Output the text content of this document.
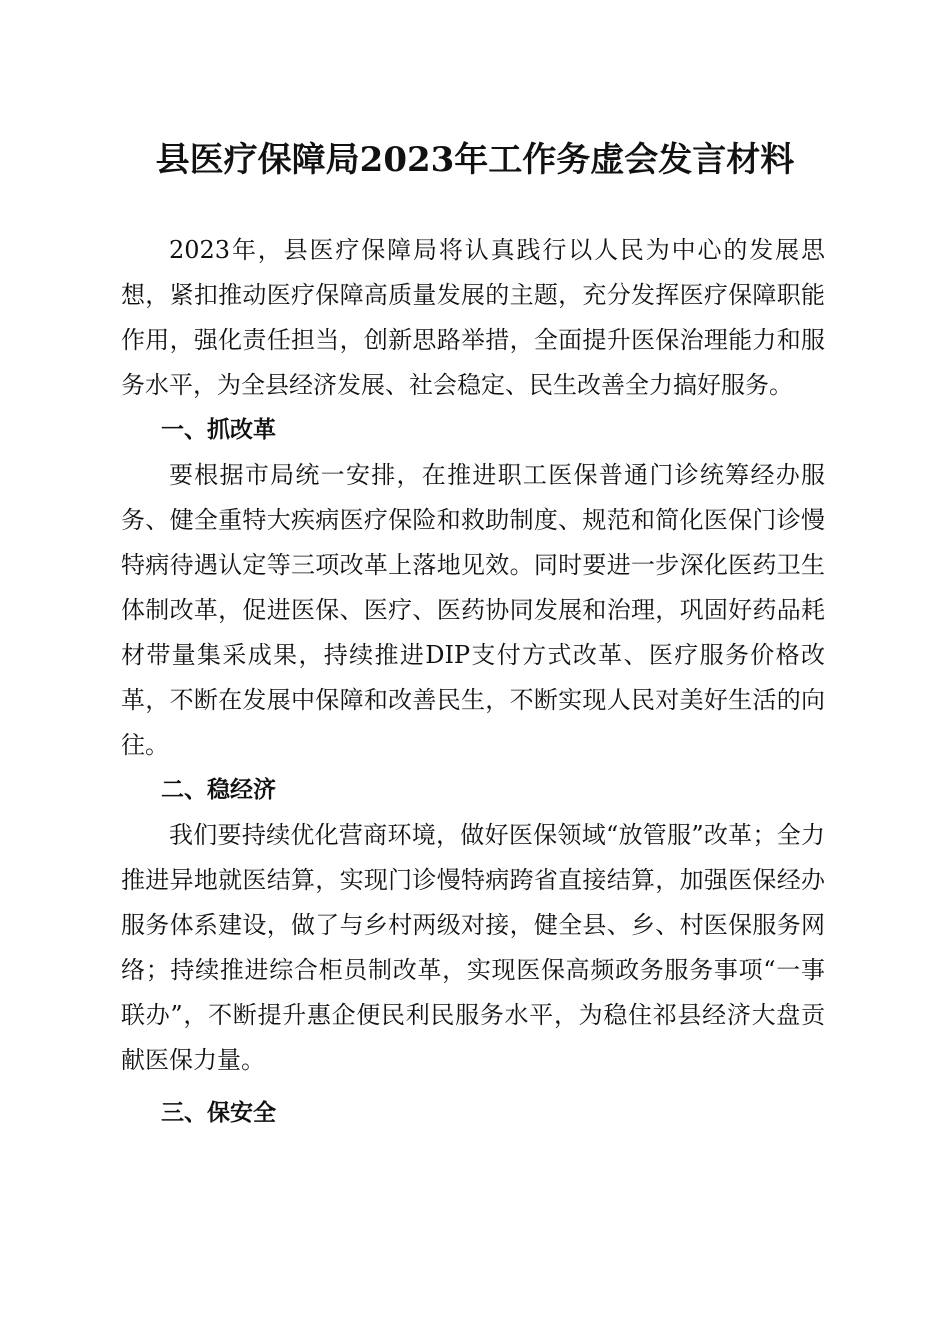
县医疗保障局2023年工作务虚会发言材料

2023年，县医疗保障局将认真践行以人民为中心的发展思想，紧扣推动医疗保障高质量发展的主题，充分发挥医疗保障职能作用，强化责任担当，创新思路举措，全面提升医保治理能力和服务水平，为全县经济发展、社会稳定、民生改善全力搞好服务。

一、抓改革

要根据市局统一安排，在推进职工医保普通门诊统筹经办服务、健全重特大疾病医疗保险和救助制度、规范和简化医保门诊慢特病待遇认定等三项改革上落地见效。同时要进一步深化医药卫生体制改革，促进医保、医疗、医药协同发展和治理，巩固好药品耗材带量集采成果，持续推进DIP支付方式改革、医疗服务价格改革，不断在发展中保障和改善民生，不断实现人民对美好生活的向往。

二、稳经济

我们要持续优化营商环境，做好医保领域“放管服”改革；全力推进异地就医结算，实现门诊慢特病跨省直接结算，加强医保经办服务体系建设，做了与乡村两级对接，健全县、乡、村医保服务网络；持续推进综合柜员制改革，实现医保高频政务服务事项“一事联办”，不断提升惠企便民利民服务水平，为稳住祁县经济大盘贡献医保力量。

三、保安全
